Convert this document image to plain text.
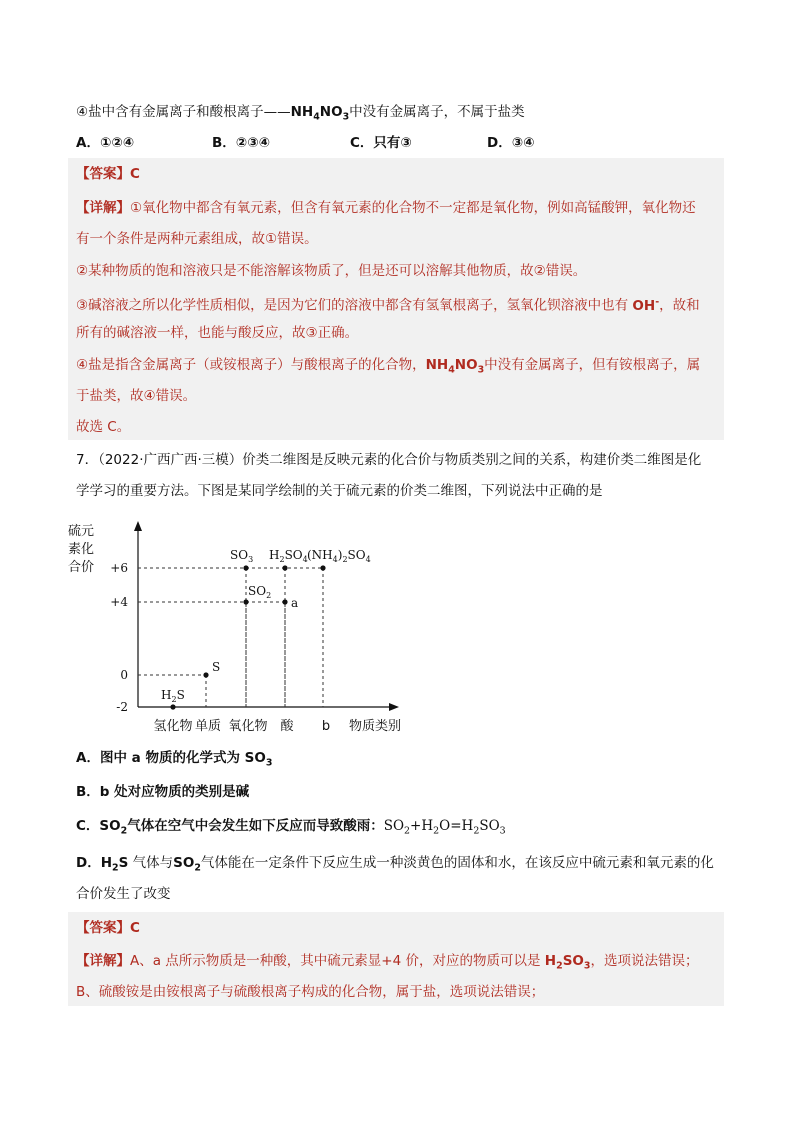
④盐中含有金属离子和酸根离子$——NH_4NO_3$中没有金属离子，不属于盐类
A．①②④	B．②③④	C．只有③	D．③④
【答案】C
【详解】①氧化物中都含有氧元素，但含有氧元素的化合物不一定都是氧化物，例如高锰酸钾，氧化物还
有一个条件是两种元素组成，故①错误。
②某种物质的饱和溶液只是不能溶解该物质了，但是还可以溶解其他物质，故②错误。
③碱溶液之所以化学性质相似，是因为它们的溶液中都含有氢氧根离子，氢氧化钡溶液中也有 OH-，故和
所有的碱溶液一样，也能与酸反应，故③正确。
④盐是指含金属离子（或铵根离子）与酸根离子的化合物，$NH_4NO_3$中没有金属离子，但有铵根离子，属
于盐类，故④错误。
故选 C。
7．（2022·广西广西·三模）价类二维图是反映元素的化合价与物质类别之间的关系，构建价类二维图是化
学学习的重要方法。下图是某同学绘制的关于硫元素的价类二维图，下列说法中正确的是
硫元
素化
合价 +6
+4
0
-2
$H_2S$
S
$SO_2$
$SO_3$
a
$H_2SO_4$ $(NH_4)_2SO_4$
氢化物 单质 氧化物 酸 b 物质类别
A．图中 a 物质的化学式为 $SO_3$
B．b 处对应物质的类别是碱
C．$SO_2$气体在空气中会发生如下反应而导致酸雨：$SO_2+H_2O=H_2SO_3$
D．$H_2S$ 气体与$SO_2$气体能在一定条件下反应生成一种淡黄色的固体和水，在该反应中硫元素和氧元素的化
合价发生了改变
【答案】C
【详解】A、a 点所示物质是一种酸，其中硫元素显+4 价，对应的物质可以是 $H_2SO_3$，选项说法错误；
B、硫酸铵是由铵根离子与硫酸根离子构成的化合物，属于盐，选项说法错误；
